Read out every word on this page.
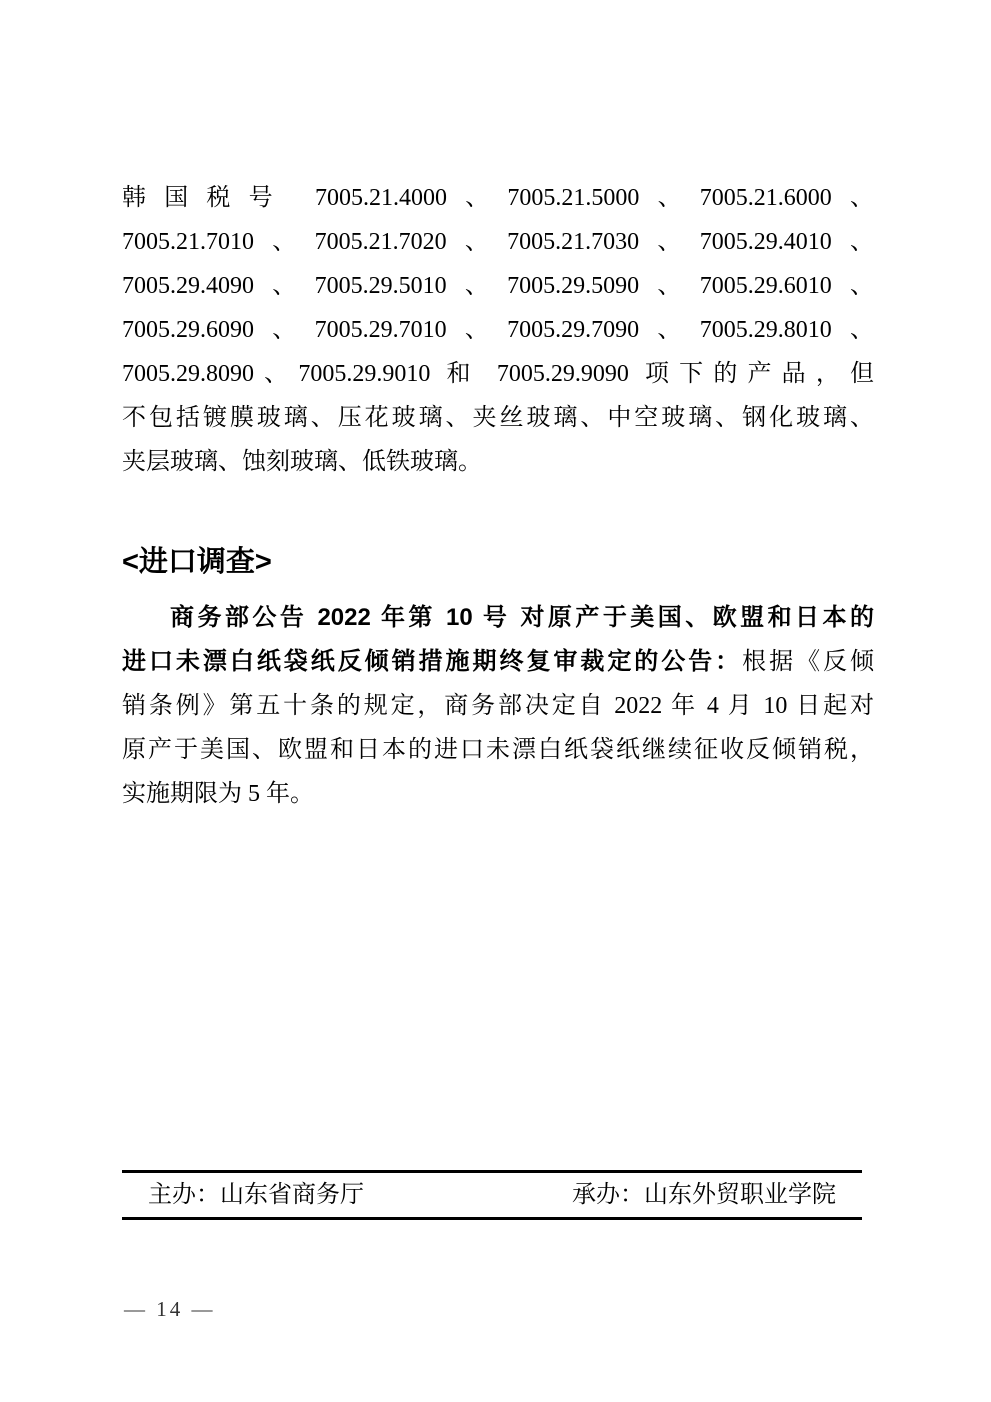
韩国税号 7005.21.4000、7005.21.5000、7005.21.6000、
7005.21.7010、7005.21.7020、7005.21.7030、7005.29.4010、
7005.29.4090、7005.29.5010、7005.29.5090、7005.29.6010、
7005.29.6090、7005.29.7010、7005.29.7090、7005.29.8010、
7005.29.8090、7005.29.9010 和 7005.29.9090 项下的产品，但
不包括镀膜玻璃、压花玻璃、夹丝玻璃、中空玻璃、钢化玻璃、
夹层玻璃、蚀刻玻璃、低铁玻璃。
<进口调查>
商务部公告 2022 年第 10 号 对原产于美国、欧盟和日本的
进口未漂白纸袋纸反倾销措施期终复审裁定的公告：根据《反倾
销条例》第五十条的规定，商务部决定自 2022 年 4 月 10 日起对
原产于美国、欧盟和日本的进口未漂白纸袋纸继续征收反倾销税，
实施期限为 5 年。
主办：山东省商务厅	承办：山东外贸职业学院
— 14 —
